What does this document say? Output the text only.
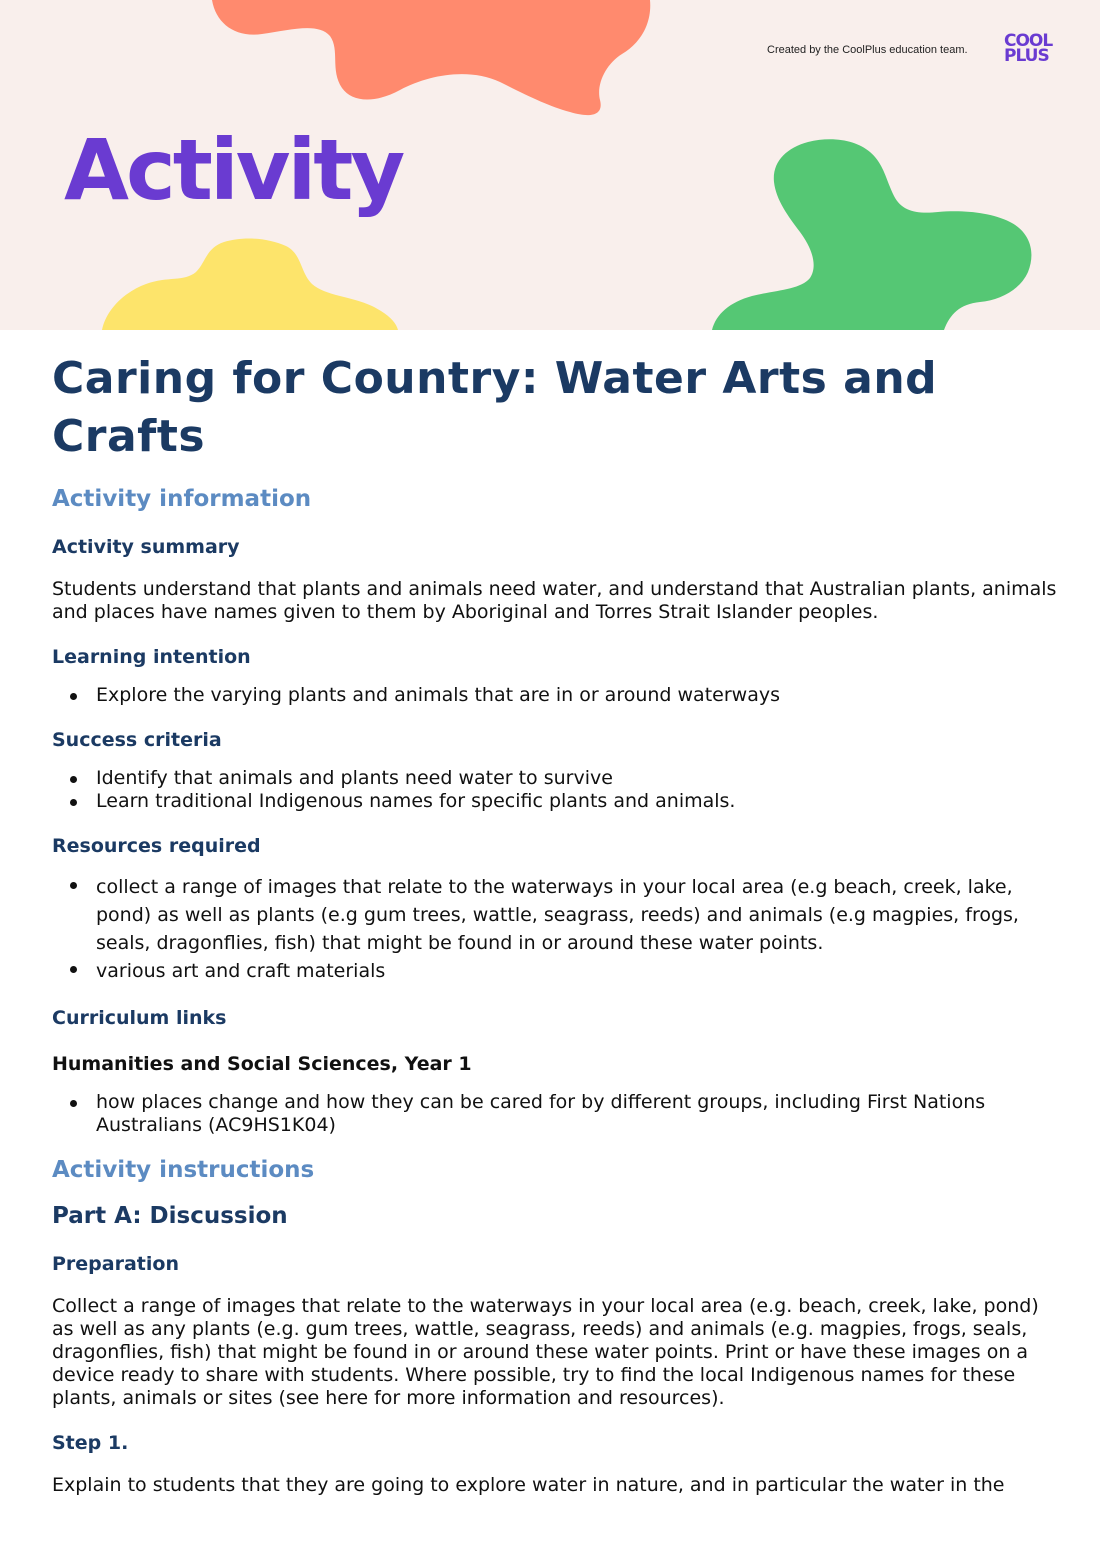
Created by the CoolPlus education team. COOL
PLUS
Activity
Caring for Country: Water Arts and Crafts
Activity information
Activity summary

Students understand that plants and animals need water, and understand that Australian plants, animals and places have names given to them by Aboriginal and Torres Strait Islander peoples.

Learning intention
Explore the varying plants and animals that are in or around waterways
Success criteria
Identify that animals and plants need water to survive
Learn traditional Indigenous names for specific plants and animals.
Resources required
collect a range of images that relate to the waterways in your local area (e.g beach, creek, lake, pond) as well as plants (e.g gum trees, wattle, seagrass, reeds) and animals (e.g magpies, frogs, seals, dragonflies, fish) that might be found in or around these water points.
various art and craft materials
Curriculum links
Humanities and Social Sciences, Year 1
how places change and how they can be cared for by different groups, including First Nations Australians (AC9HS1K04)
Activity instructions
Part A: Discussion
Preparation

Collect a range of images that relate to the waterways in your local area (e.g. beach, creek, lake, pond) as well as any plants (e.g. gum trees, wattle, seagrass, reeds) and animals (e.g. magpies, frogs, seals, dragonflies, fish) that might be found in or around these water points. Print or have these images on a device ready to share with students. Where possible, try to find the local Indigenous names for these plants, animals or sites (see here for more information and resources).

Step 1.

Explain to students that they are going to explore water in nature, and in particular the water in the
